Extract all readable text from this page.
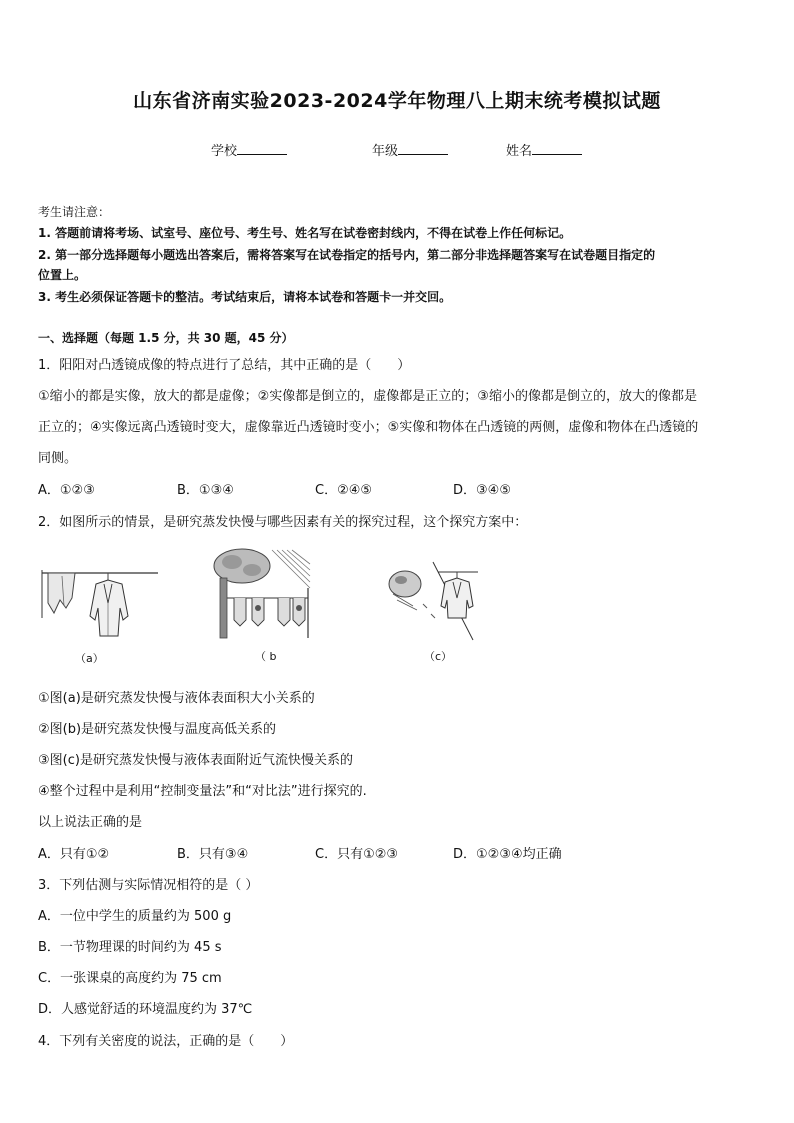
山东省济南实验2023-2024学年物理八上期末统考模拟试题
学校	年级	姓名
考生请注意：
1. 答题前请将考场、试室号、座位号、考生号、姓名写在试卷密封线内，不得在试卷上作任何标记。
2. 第一部分选择题每小题选出答案后，需将答案写在试卷指定的括号内，第二部分非选择题答案写在试卷题目指定的
位置上。
3. 考生必须保证答题卡的整洁。考试结束后，请将本试卷和答题卡一并交回。
一、选择题（每题 1.5 分，共 30 题，45 分）
1．阳阳对凸透镜成像的特点进行了总结，其中正确的是（　　）
①缩小的都是实像，放大的都是虚像；②实像都是倒立的，虚像都是正立的；③缩小的像都是倒立的，放大的像都是
正立的；④实像远离凸透镜时变大，虚像靠近凸透镜时变小；⑤实像和物体在凸透镜的两侧，虚像和物体在凸透镜的
同侧。
A．①②③	B．①③④	C．②④⑤	D．③④⑤
2．如图所示的情景，是研究蒸发快慢与哪些因素有关的探究过程，这个探究方案中：
（a）	（ b	（c）
①图(a)是研究蒸发快慢与液体表面积大小关系的
②图(b)是研究蒸发快慢与温度高低关系的
③图(c)是研究蒸发快慢与液体表面附近气流快慢关系的
④整个过程中是利用“控制变量法”和“对比法”进行探究的.
以上说法正确的是
A．只有①②	B．只有③④	C．只有①②③	D．①②③④均正确
3．下列估测与实际情况相符的是（ ）
A．一位中学生的质量约为 500 g
B．一节物理课的时间约为 45 s
C．一张课桌的高度约为 75 cm
D．人感觉舒适的环境温度约为 37℃
4．下列有关密度的说法，正确的是（　　）
